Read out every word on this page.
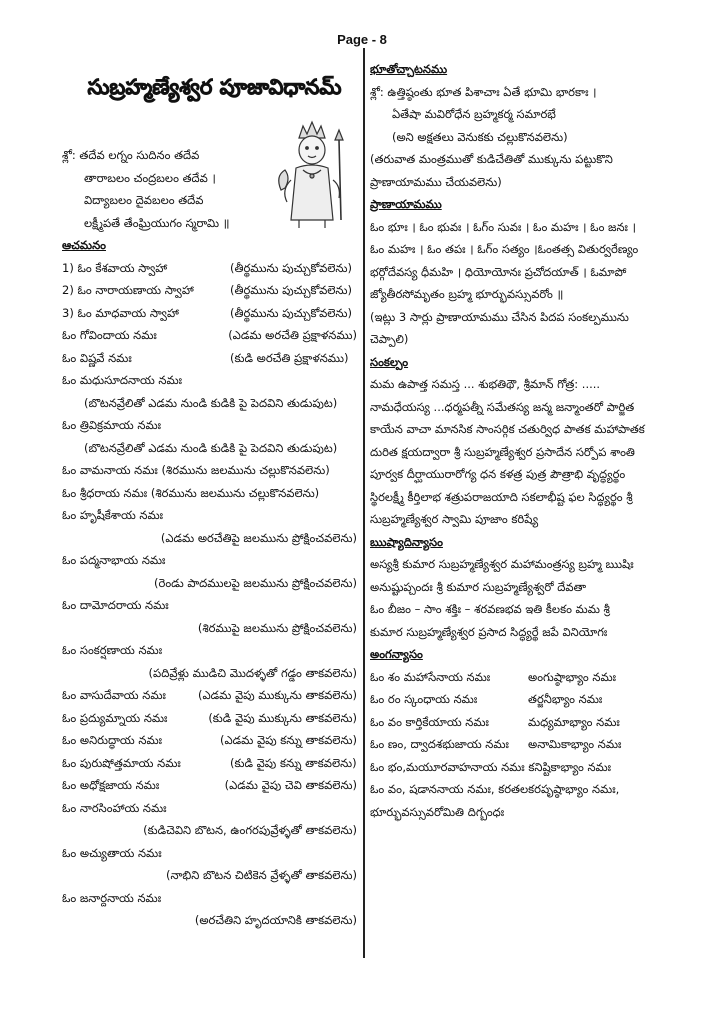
Page - 8
సుబ్రహ్మణ్యేశ్వర పూజావిధానమ్
శ్లో: తదేవ లగ్నం సుదినం తదేవ
తారాబలం చంద్రబలం తదేవ ।
విద్యాబలం దైవబలం తదేవ
లక్ష్మీపతే తేంఘ్రియుగం స్మరామి ॥
ఆచమనం
1) ఓం కేశవాయ స్వాహా	(తీర్థమును పుచ్చుకోవలెను)
2) ఓం నారాయణాయ స్వాహా	(తీర్థమును పుచ్చుకోవలెను)
3) ఓం మాధవాయ స్వాహా	(తీర్థమును పుచ్చుకోవలెను)
ఓం గోవిందాయ నమః	(ఎడమ అరచేతి ప్రక్షాళనము)
ఓం విష్ణవే నమః	(కుడి అరచేతి ప్రక్షాళనము)
ఓం మధుసూదనాయ నమః
(బొటనవ్రేలితో ఎడమ నుండి కుడికి పై పెదవిని తుడుపుట)
ఓం త్రివిక్రమాయ నమః
(బొటనవ్రేలితో ఎడమ నుండి కుడికి పై పెదవిని తుడుపుట)
ఓం వామనాయ నమః (శిరమును జలమును చల్లుకొనవలెను)
ఓం శ్రీధరాయ నమః (శిరమును జలమును చల్లుకొనవలెను)
ఓం హృషీకేశాయ నమః
(ఎడమ అరచేతిపై జలమును ప్రోక్షించవలెను)
ఓం పద్మనాభాయ నమః
(రెండు పాదములపై జలమును ప్రోక్షించవలెను)
ఓం దామోదరాయ నమః
(శిరముపై జలమును ప్రోక్షించవలెను)
ఓం సంకర్షణాయ నమః
(పదివ్రేళ్లు ముడిచి మొదళ్ళతో గడ్డం తాకవలెను)
ఓం వాసుదేవాయ నమః	(ఎడమ వైపు ముక్కును తాకవలెను)
ఓం ప్రద్యుమ్నాయ నమః	(కుడి వైపు ముక్కును తాకవలెను)
ఓం అనిరుద్ధాయ నమః	(ఎడమ వైపు కన్ను తాకవలెను)
ఓం పురుషోత్తమాయ నమః	(కుడి వైపు కన్ను తాకవలెను)
ఓం అధోక్షజాయ నమః	(ఎడమ వైపు చెవి తాకవలెను)
ఓం నారసింహాయ నమః
(కుడిచెవిని బొటన, ఉంగరపువ్రేళ్ళతో తాకవలెను)
ఓం అచ్యుతాయ నమః
(నాభిని బొటన చిటికెన వ్రేళ్ళతో తాకవలెను)
ఓం జనార్దనాయ నమః
(అరచేతిని హృదయానికి తాకవలెను)
భూతోచ్చాటనము
శ్లో: ఉత్తిష్ఠంతు భూత పిశాచాః ఏతే భూమి భారకాః ।
ఏతేషా మవిరోధేన బ్రహ్మకర్మ సమారభే
(అని అక్షతలు వెనుకకు చల్లుకొనవలెను)
(తరువాత మంత్రముతో కుడిచేతితో ముక్కును పట్టుకొని
ప్రాణాయామము చేయవలెను)
ప్రాణాయామము
ఓం భూః । ఓం భువః । ఓగ్ం సువః । ఓం మహః । ఓం జనః ।
ఓం మహః । ఓం తపః । ఓగ్ం సత్యం ।ఓంతత్స వితుర్వరేణ్యం
భర్గోదేవస్య ధీమహి । ధియోయోనః ప్రచోదయాత్ । ఓమాపో
జ్యోతీరసోమృతం బ్రహ్మ భూర్భువస్సువరోం ॥
(ఇట్లు 3 సార్లు ప్రాణాయామము చేసిన పిదప సంకల్పమును
చెప్పాలి)
సంకల్పం
మమ ఉపాత్త సమస్త ... శుభతిథౌ, శ్రీమాన్ గోత్ర: .....
నామధేయస్య ...ధర్మపత్నీ సమేతస్య జన్మ జన్మాంతరో పార్జిత
కాయేన వాచా మానసిక సాంసర్గిక చతుర్విధ పాతక మహాపాతక
దురిత క్షయద్వారా శ్రీ సుబ్రహ్మణ్యేశ్వర ప్రసాదేన సర్పోప శాంతి
పూర్వక దీర్ఘాయురారోగ్య ధన కళత్ర పుత్ర పౌత్రాభి వృద్ధ్యర్థం
స్థిరలక్ష్మీ కీర్తిలాభ శత్రుపరాజయాది సకలాభీష్ట ఫల సిద్ధ్యర్థం శ్రీ
సుబ్రహ్మణ్యేశ్వర స్వామి పూజాం కరిష్యే
ఋష్యాదిన్యాసం
అస్యశ్రీ కుమార సుబ్రహ్మణ్యేశ్వర మహామంత్రస్య బ్రహ్మ ఋషిః
అనుష్టుప్చందః శ్రీ కుమార సుబ్రహ్మణ్యేశ్వరో దేవతా
ఓం బీజం – సాం శక్తిః – శరవణభవ ఇతి కీలకం మమ శ్రీ
కుమార సుబ్రహ్మణ్యేశ్వర ప్రసాద సిద్ధ్యర్థే జపే వినియోగః
అంగన్యాసం
ఓం శం మహాసేనాయ నమః	అంగుష్ఠాభ్యాం నమః
ఓం రం స్కంధాయ నమః	తర్జనీభ్యాం నమః
ఓం వం కార్తికేయాయ నమః	మధ్యమాభ్యాం నమః
ఓం ణం, ద్వాదశభుజాయ నమః	అనామికాభ్యాం నమః
ఓం భం,మయూరవాహనాయ నమః కనిష్టికాభ్యాం నమః
ఓం వం, షడాననాయ నమః, కరతలకరపృష్ఠాభ్యాం నమః,
భూర్భువస్సువరోమితి దిగ్బంధః
